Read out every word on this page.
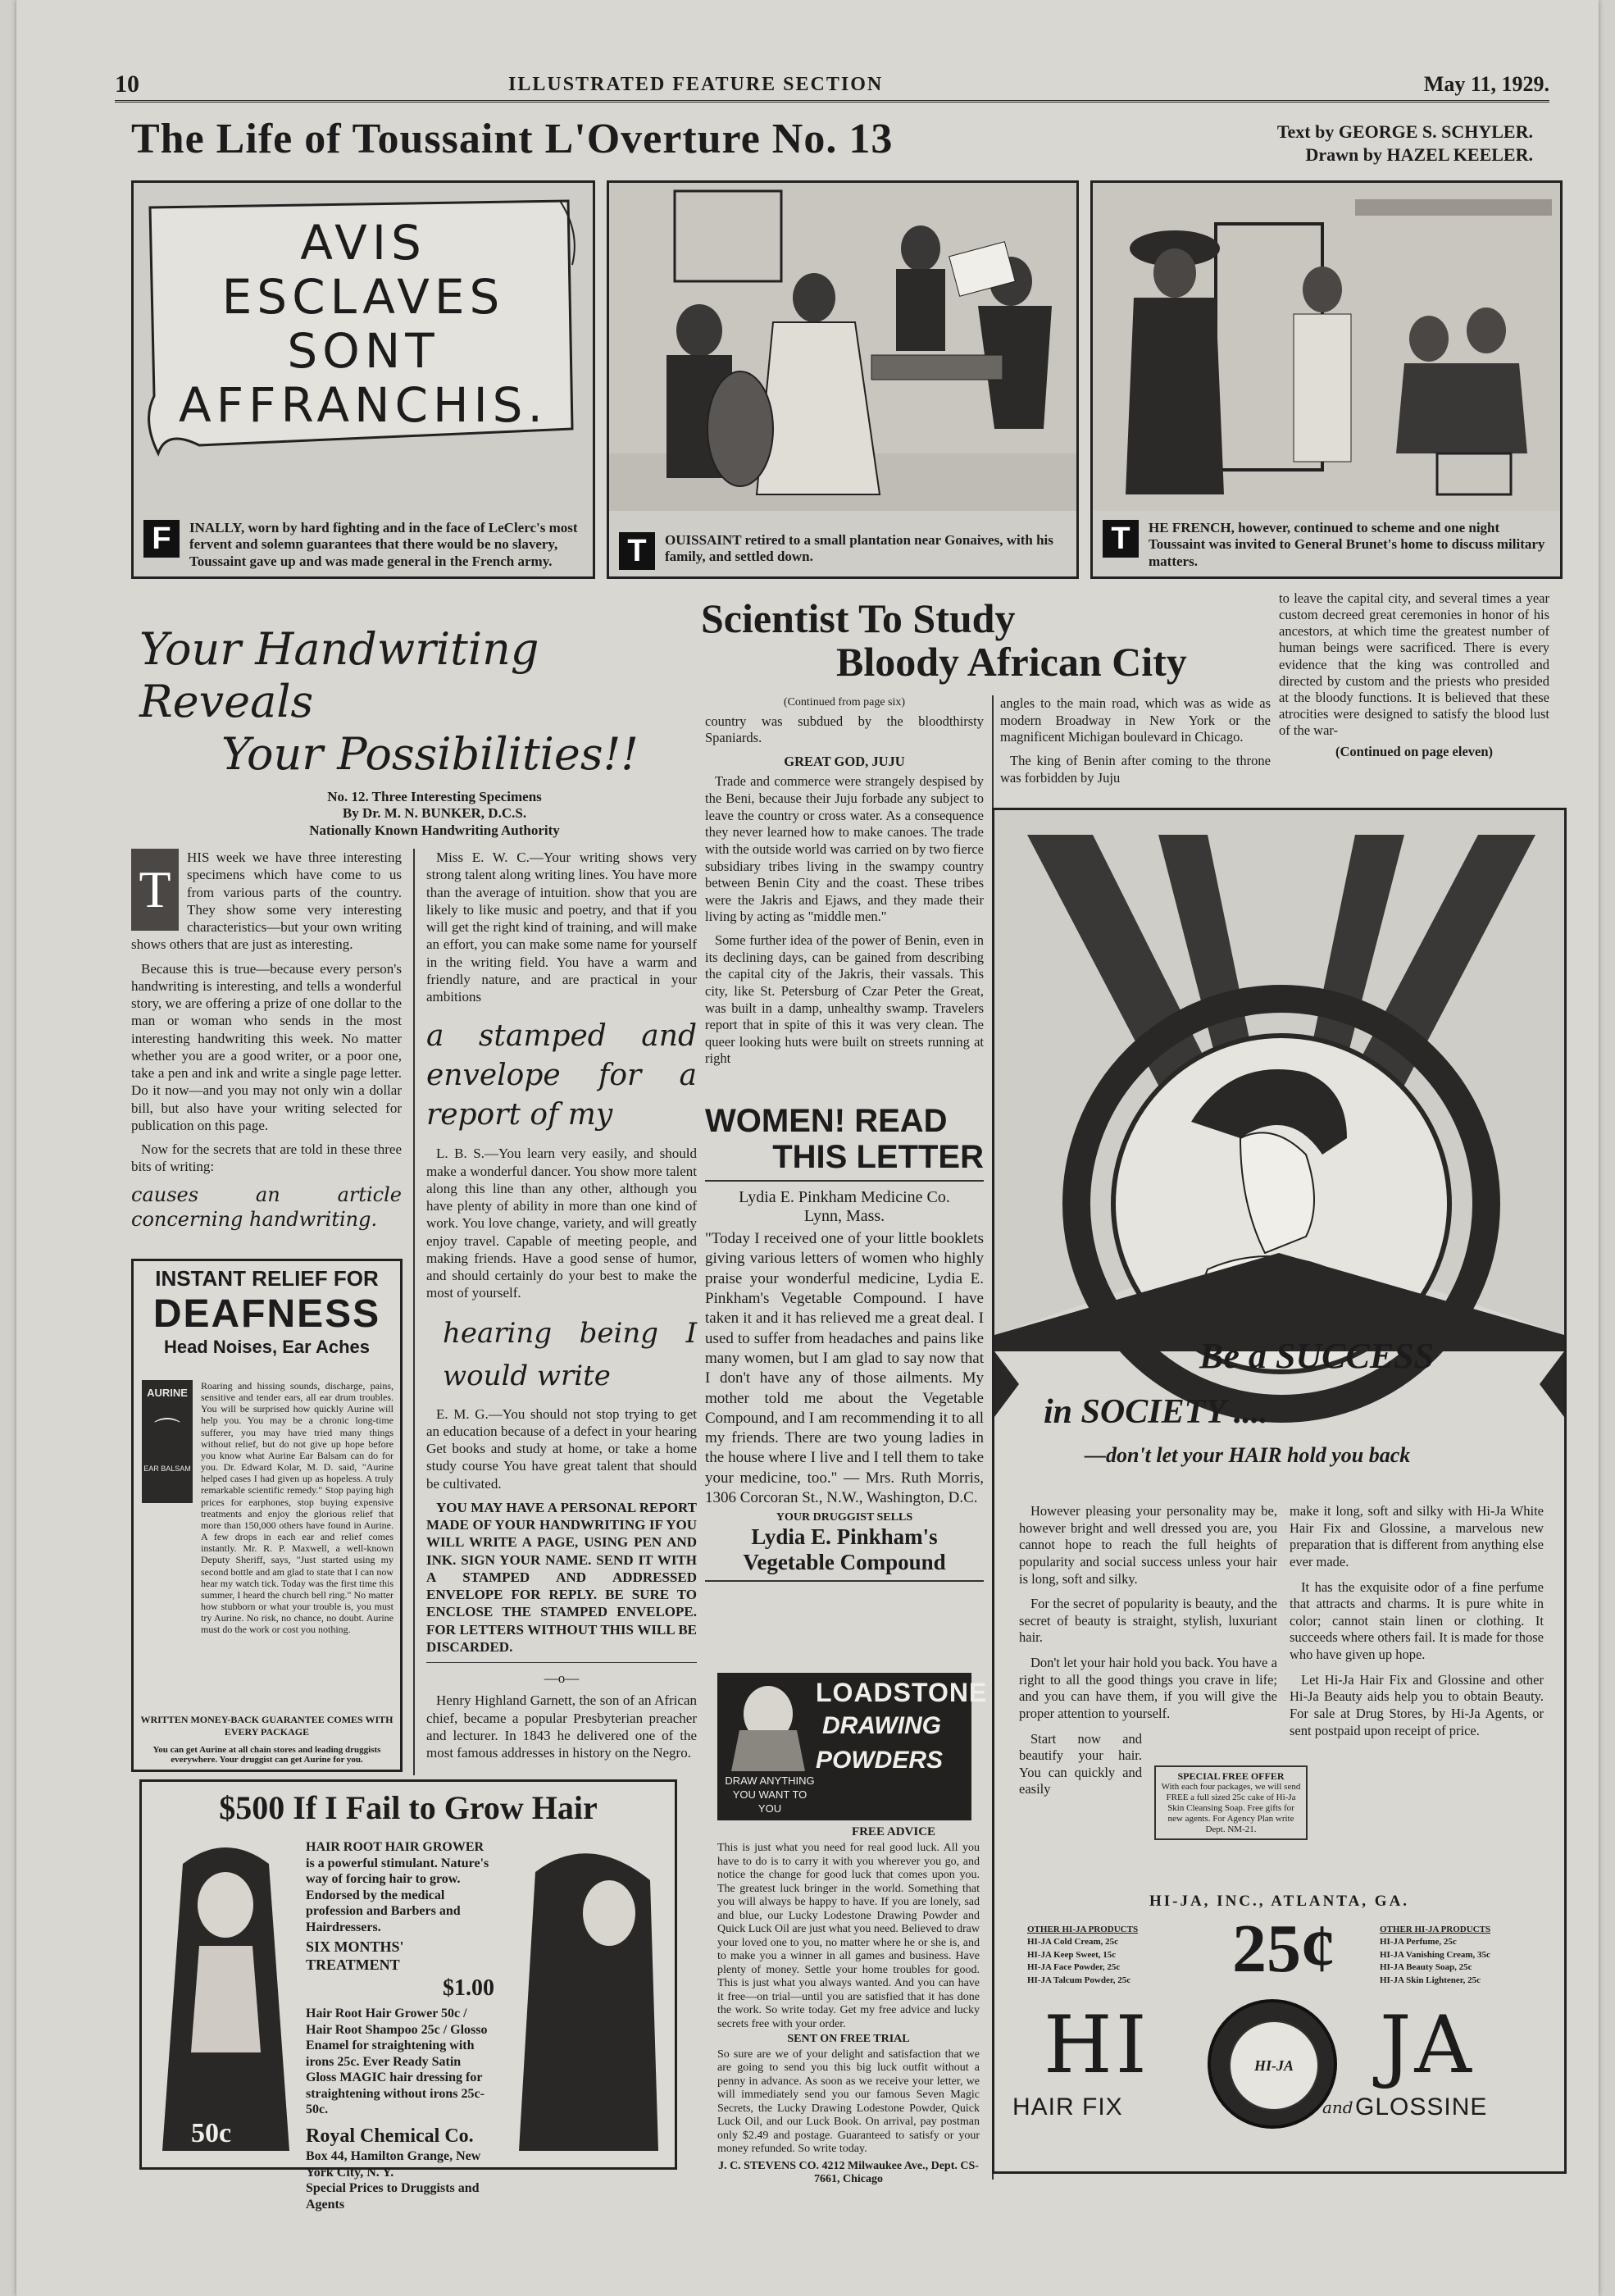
10	ILLUSTRATED FEATURE SECTION	May 11, 1929.
The Life of Toussaint L'Overture No. 13	Text by GEORGE S. SCHYLER.
Drawn by HAZEL KEELER.
AVIS
ESCLAVES
SONT
AFFRANCHIS.
F	INALLY, worn by hard fighting and in the face of LeClerc's most fervent and solemn guarantees that there would be no slavery, Toussaint gave up and was made general in the French army.	T	OUISSAINT retired to a small plantation near Gonaives, with his family, and settled down.
T	HE FRENCH, however, continued to scheme and one night Toussaint was invited to General Brunet's home to discuss military matters.
Your Handwriting Reveals
Your Possibilities!!
No. 12. Three Interesting Specimens
By Dr. M. N. BUNKER, D.C.S.
Nationally Known Handwriting Authority
T

HIS week we have three interesting specimens which have come to us from various parts of the country. They show some very interesting characteristics—but your own writing shows others that are just as interesting.

Because this is true—because every person's handwriting is interesting, and tells a wonderful story, we are offering a prize of one dollar to the man or woman who sends in the most interesting handwriting this week. No matter whether you are a good writer, or a poor one, take a pen and ink and write a single page letter. Do it now—and you may not only win a dollar bill, but also have your writing selected for publication on this page.

Now for the secrets that are told in these three bits of writing:

causes an article concerning handwriting.

Miss E. W. C.—Your writing shows very strong talent along writing lines. You have more than the average of intuition. show that you are likely to like music and poetry, and that if you will get the right kind of training, and will make an effort, you can make some name for yourself in the writing field. You have a warm and friendly nature, and are practical in your ambitions

a stamped and envelope for a report of my

L. B. S.—You learn very easily, and should make a wonderful dancer. You show more talent along this line than any other, although you have plenty of ability in more than one kind of work. You love change, variety, and will greatly enjoy travel. Capable of meeting people, and making friends. Have a good sense of humor, and should certainly do your best to make the most of yourself.

hearing being I would write

E. M. G.—You should not stop trying to get an education because of a defect in your hearing Get books and study at home, or take a home study course You have great talent that should be cultivated.

YOU MAY HAVE A PERSONAL REPORT MADE OF YOUR HANDWRITING IF YOU WILL WRITE A PAGE, USING PEN AND INK. SIGN YOUR NAME. SEND IT WITH A STAMPED AND ADDRESSED ENVELOPE FOR REPLY. BE SURE TO ENCLOSE THE STAMPED ENVELOPE. FOR LETTERS WITHOUT THIS WILL BE DISCARDED.

—o—

Henry Highland Garnett, the son of an African chief, became a popular Presbyterian preacher and lecturer. In 1843 he delivered one of the most famous addresses in history on the Negro.

INSTANT RELIEF FOR
DEAFNESS
Head Noises, Ear Aches
AURINE
⌒
EAR BALSAM
Roaring and hissing sounds, discharge, pains, sensitive and tender ears, all ear drum troubles. You will be surprised how quickly Aurine will help you. You may be a chronic long-time sufferer, you may have tried many things without relief, but do not give up hope before you know what Aurine Ear Balsam can do for you. Dr. Edward Kolar, M. D. said, "Aurine helped cases I had given up as hopeless. A truly remarkable scientific remedy." Stop paying high prices for earphones, stop buying expensive treatments and enjoy the glorious relief that more than 150,000 others have found in Aurine. A few drops in each ear and relief comes instantly. Mr. R. P. Maxwell, a well-known Deputy Sheriff, says, "Just started using my second bottle and am glad to state that I can now hear my watch tick. Today was the first time this summer, I heard the church bell ring." No matter how stubborn or what your trouble is, you must try Aurine. No risk, no chance, no doubt. Aurine must do the work or cost you nothing.
WRITTEN MONEY-BACK GUARANTEE COMES WITH EVERY PACKAGE
You can get Aurine at all chain stores and leading druggists everywhere. Your druggist can get Aurine for you.
$500 If I Fail to Grow Hair
HAIR ROOT HAIR GROWER is a powerful stimulant. Nature's way of forcing hair to grow. Endorsed by the medical profession and Barbers and Hairdressers.
SIX MONTHS' TREATMENT
$1.00
Hair Root Hair Grower 50c / Hair Root Shampoo 25c / Glosso Enamel for straightening with irons 25c. Ever Ready Satin Gloss MAGIC hair dressing for straightening without irons 25c-50c.
Royal Chemical Co.
Box 44, Hamilton Grange, New York City, N. Y.
Special Prices to Druggists and Agents
50c
Scientist To Study
Bloody African City
to leave the capital city, and several times a year custom decreed great ceremonies in honor of his ancestors, at which time the greatest number of human beings were sacrificed. There is every evidence that the king was controlled and directed by custom and the priests who presided at the bloody functions. It is believed that these atrocities were designed to satisfy the blood lust of the war-
(Continued on page eleven)
(Continued from page six)

country was subdued by the bloodthirsty Spaniards.

GREAT GOD, JUJU

Trade and commerce were strangely despised by the Beni, because their Juju forbade any subject to leave the country or cross water. As a consequence they never learned how to make canoes. The trade with the outside world was carried on by two fierce subsidiary tribes living in the swampy country between Benin City and the coast. These tribes were the Jakris and Ejaws, and they made their living by acting as "middle men."

Some further idea of the power of Benin, even in its declining days, can be gained from describing the capital city of the Jakris, their vassals. This city, like St. Petersburg of Czar Peter the Great, was built in a damp, unhealthy swamp. Travelers report that in spite of this it was very clean. The queer looking huts were built on streets running at right

angles to the main road, which was as wide as modern Broadway in New York or the magnificent Michigan boulevard in Chicago.

The king of Benin after coming to the throne was forbidden by Juju

WOMEN! READ
THIS LETTER
Lydia E. Pinkham Medicine Co.
Lynn, Mass.
"Today I received one of your little booklets giving various letters of women who highly praise your wonderful medicine, Lydia E. Pinkham's Vegetable Compound. I have taken it and it has relieved me a great deal. I used to suffer from headaches and pains like many women, but I am glad to say now that I don't have any of those ailments. My mother told me about the Vegetable Compound, and I am recommending it to all my friends. There are two young ladies in the house where I live and I tell them to take your medicine, too." — Mrs. Ruth Morris, 1306 Corcoran St., N.W., Washington, D.C.
YOUR DRUGGIST SELLS
Lydia E. Pinkham's
Vegetable Compound
LOADSTONE
DRAWING
POWDERS
DRAW ANYTHING YOU WANT TO YOU
FREE ADVICE
This is just what you need for real good luck. All you have to do is to carry it with you wherever you go, and notice the change for good luck that comes upon you. The greatest luck bringer in the world. Something that you will always be happy to have. If you are lonely, sad and blue, our Lucky Lodestone Drawing Powder and Quick Luck Oil are just what you need. Believed to draw your loved one to you, no matter where he or she is, and to make you a winner in all games and business. Have plenty of money. Settle your home troubles for good. This is just what you always wanted. And you can have it free—on trial—until you are satisfied that it has done the work. So write today. Get my free advice and lucky secrets free with your order.
SENT ON FREE TRIAL
So sure are we of your delight and satisfaction that we are going to send you this big luck outfit without a penny in advance. As soon as we receive your letter, we will immediately send you our famous Seven Magic Secrets, the Lucky Drawing Lodestone Powder, Quick Luck Oil, and our Luck Book. On arrival, pay postman only $2.49 and postage. Guaranteed to satisfy or your money refunded. So write today.
J. C. STEVENS CO. 4212 Milwaukee Ave., Dept. CS-7661, Chicago
Be a SUCCESS
in SOCIETY ....
—don't let your HAIR hold you back

However pleasing your personality may be, however bright and well dressed you are, you cannot hope to reach the full heights of popularity and social success unless your hair is long, soft and silky.

For the secret of popularity is beauty, and the secret of beauty is straight, stylish, luxuriant hair.

Don't let your hair hold you back. You have a right to all the good things you crave in life; and you can have them, if you will give the proper attention to yourself.

Start now and beautify your hair. You can quickly and easily

SPECIAL FREE OFFER
With each four packages, we will send FREE a full sized 25c cake of Hi-Ja Skin Cleansing Soap. Free gifts for new agents. For Agency Plan write Dept. NM-21.

make it long, soft and silky with Hi-Ja White Hair Fix and Glossine, a marvelous new preparation that is different from anything else ever made.

It has the exquisite odor of a fine perfume that attracts and charms. It is pure white in color; cannot stain linen or clothing. It succeeds where others fail. It is made for those who have given up hope.

Let Hi-Ja Hair Fix and Glossine and other Hi-Ja Beauty aids help you to obtain Beauty. For sale at Drug Stores, by Hi-Ja Agents, or sent postpaid upon receipt of price.

HI-JA, INC., ATLANTA, GA.
OTHER HI-JA PRODUCTS
HI-JA Cold Cream, 25c
HI-JA Keep Sweet, 15c
HI-JA Face Powder, 25c
HI-JA Talcum Powder, 25c
OTHER HI-JA PRODUCTS
HI-JA Perfume, 25c
HI-JA Vanishing Cream, 35c
HI-JA Beauty Soap, 25c
HI-JA Skin Lightener, 25c
25¢
HI	JA
HAIR FIX	and GLOSSINE
HI-JA
